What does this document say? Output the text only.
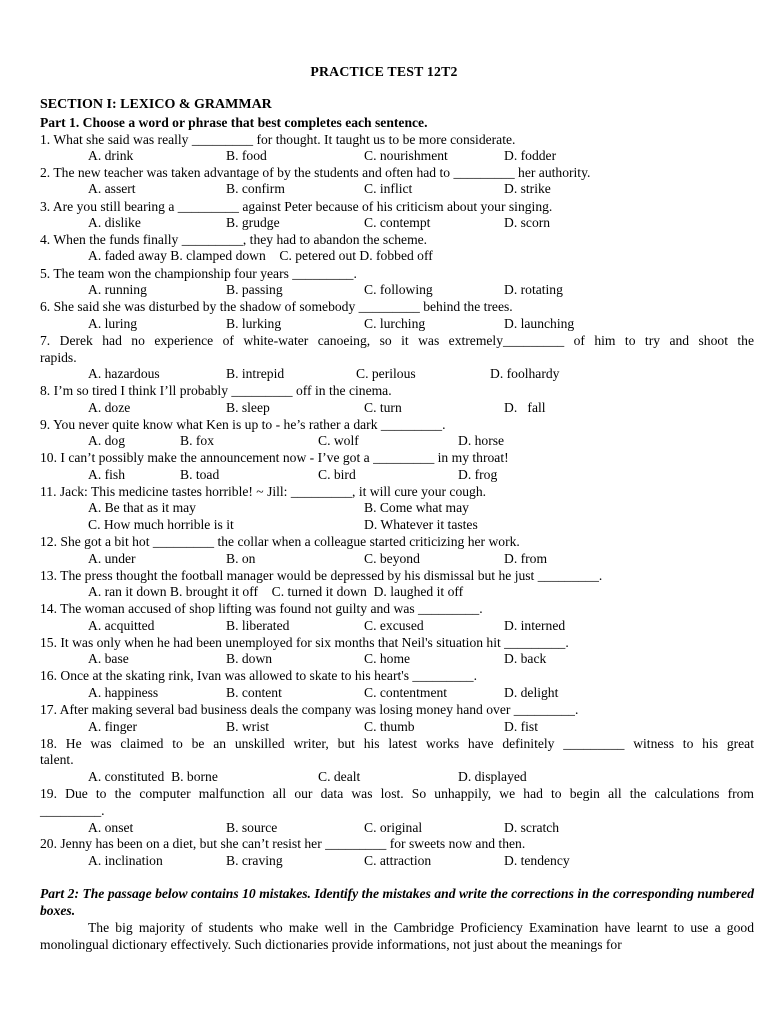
PRACTICE TEST 12T2
SECTION I: LEXICO & GRAMMAR
Part 1. Choose a word or phrase that best completes each sentence.
1. What she said was really _________ for thought. It taught us to be more considerate.
A. drink	B. food	C. nourishment	D. fodder
2. The new teacher was taken advantage of by the students and often had to _________ her authority.
A. assert	B. confirm	C. inflict	D. strike
3. Are you still bearing a _________ against Peter because of his criticism about your singing.
A. dislike	B. grudge	C. contempt	D. scorn
4. When the funds finally _________, they had to abandon the scheme.
A. faded away B. clamped down    C. petered out D. fobbed off
5. The team won the championship four years _________.
A. running	B. passing	C. following	D. rotating
6. She said she was disturbed by the shadow of somebody _________ behind the trees.
A. luring	B. lurking	C. lurching	D. launching
7. Derek had no experience of white-water canoeing, so it was extremely_________ of him to try and shoot the
rapids.
A. hazardous	B. intrepid	C. perilous	D. foolhardy
8. I’m so tired I think I’ll probably _________ off in the cinema.
A. doze	B. sleep	C. turn	D.   fall
9. You never quite know what Ken is up to - he’s rather a dark _________.
A. dog	B. fox	C. wolf	D. horse
10. I can’t possibly make the announcement now - I’ve got a _________ in my throat!
A. fish	B. toad	C. bird	D. frog
11. Jack: This medicine tastes horrible! ~ Jill: _________, it will cure your cough.
A. Be that as it may	B. Come what may
C. How much horrible is it	D. Whatever it tastes
12. She got a bit hot _________ the collar when a colleague started criticizing her work.
A. under	B. on	C. beyond	D. from
13. The press thought the football manager would be depressed by his dismissal but he just _________.
A. ran it down B. brought it off    C. turned it down  D. laughed it off
14. The woman accused of shop lifting was found not guilty and was _________.
A. acquitted	B. liberated	C. excused	D. interned
15. It was only when he had been unemployed for six months that Neil's situation hit _________.
A. base	B. down	C. home	D. back
16. Once at the skating rink, Ivan was allowed to skate to his heart's _________.
A. happiness	B. content	C. contentment	D. delight
17. After making several bad business deals the company was losing money hand over _________.
A. finger	B. wrist	C. thumb	D. fist
18. He was claimed to be an unskilled writer, but his latest works have definitely _________ witness to his great
talent.
A. constituted  B. borne	C. dealt	D. displayed
19. Due to the computer malfunction all our data was lost. So unhappily, we had to begin all the calculations from
_________.
A. onset	B. source	C. original	D. scratch
20. Jenny has been on a diet, but she can’t resist her _________ for sweets now and then.
A. inclination	B. craving	C. attraction	D. tendency
Part 2: The passage below contains 10 mistakes. Identify the mistakes and write the corrections in the corresponding numbered boxes.
The big majority of students who make well in the Cambridge Proficiency Examination have learnt to use a good monolingual dictionary effectively. Such dictionaries provide informations, not just about the meanings for
